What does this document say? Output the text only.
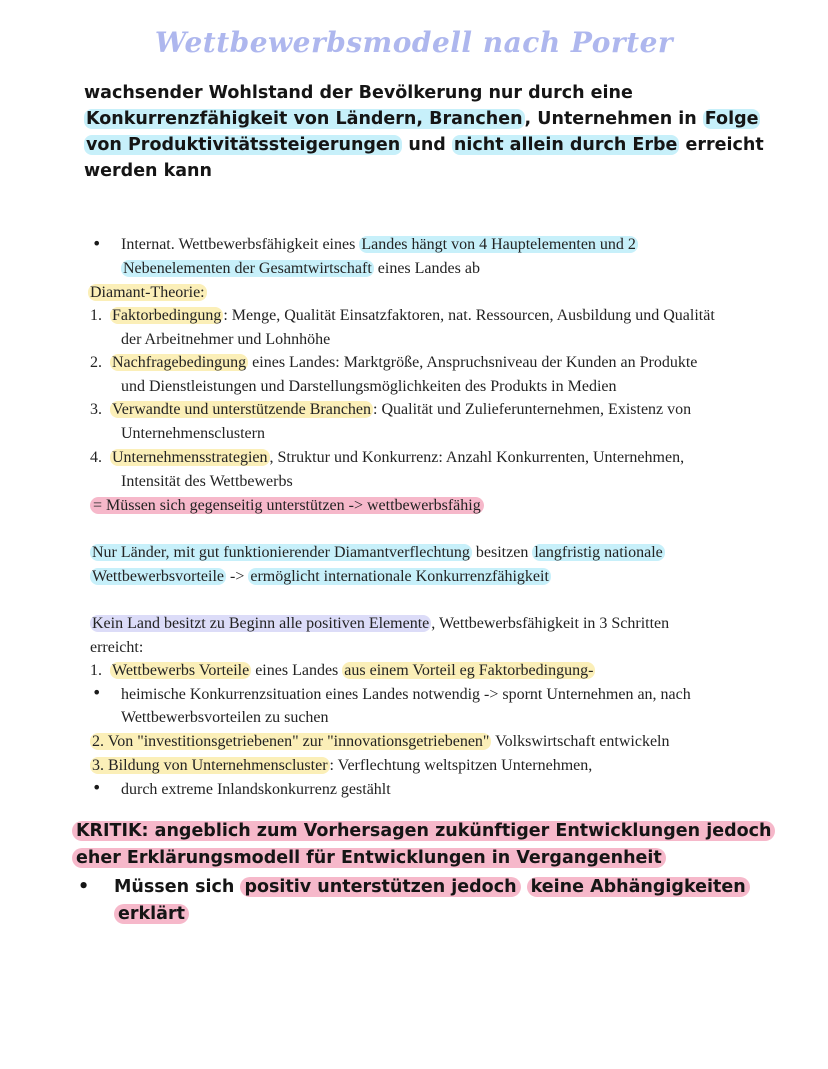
Wettbewerbsmodell nach Porter
wachsender Wohlstand der Bevölkerung nur durch eine Konkurrenzfähigkeit von Ländern, Branchen , Unternehmen in Folge von Produktivitätssteigerungen und nicht allein durch Erbe erreicht werden kann
• Internat. Wettbewerbsfähigkeit eines Landes hängt von 4 Hauptelementen und 2
Nebenelementen der Gesamtwirtschaft eines Landes ab
Diamant-Theorie:
1. Faktorbedingung : Menge, Qualität Einsatzfaktoren, nat. Ressourcen, Ausbildung und Qualität
der Arbeitnehmer und Lohnhöhe
2. Nachfragebedingung eines Landes: Marktgröße, Anspruchsniveau der Kunden an Produkte
und Dienstleistungen und Darstellungsmöglichkeiten des Produkts in Medien
3. Verwandte und unterstützende Branchen : Qualität und Zulieferunternehmen, Existenz von
Unternehmensclustern
4. Unternehmensstrategien , Struktur und Konkurrenz: Anzahl Konkurrenten, Unternehmen,
Intensität des Wettbewerbs
= Müssen sich gegenseitig unterstützen -> wettbewerbsfähig
Nur Länder, mit gut funktionierender Diamantverflechtung besitzen langfristig nationale
Wettbewerbsvorteile -> ermöglicht internationale Konkurrenzfähigkeit
Kein Land besitzt zu Beginn alle positiven Elemente , Wettbewerbsfähigkeit in 3 Schritten
erreicht:
1. Wettbewerbs Vorteile eines Landes aus einem Vorteil eg Faktorbedingung-
• heimische Konkurrenzsituation eines Landes notwendig -> spornt Unternehmen an, nach
Wettbewerbsvorteilen zu suchen
2. Von "investitionsgetriebenen" zur "innovationsgetriebenen" Volkswirtschaft entwickeln
3. Bildung von Unternehmenscluster : Verflechtung weltspitzen Unternehmen,
• durch extreme Inlandskonkurrenz gestählt
KRITIK: angeblich zum Vorhersagen zukünftiger Entwicklungen jedoch eher Erklärungsmodell für Entwicklungen in Vergangenheit
• Müssen sich positiv unterstützen jedoch keine Abhängigkeiten erklärt
